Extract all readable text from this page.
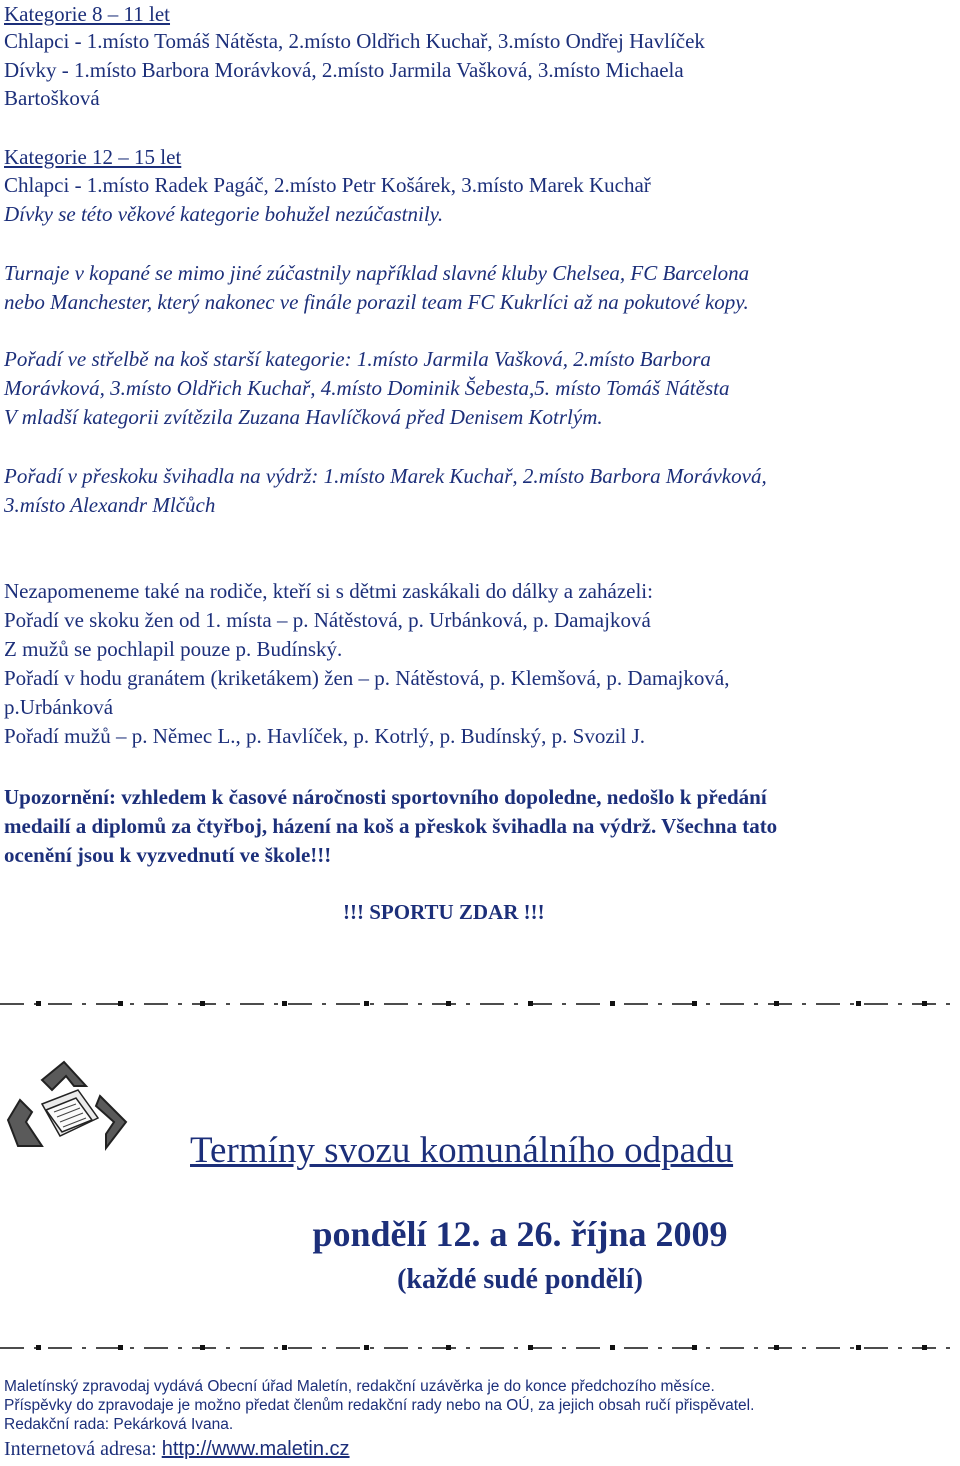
Kategorie 8 – 11 let
Chlapci - 1.místo Tomáš Nátěsta, 2.místo Oldřich Kuchař, 3.místo Ondřej Havlíček
Dívky - 1.místo Barbora Morávková, 2.místo Jarmila Vašková, 3.místo Michaela
Bartošková
Kategorie 12 – 15 let
Chlapci - 1.místo Radek Pagáč, 2.místo Petr Košárek, 3.místo Marek Kuchař
Dívky se této věkové kategorie bohužel nezúčastnily.
Turnaje v kopané se mimo jiné zúčastnily například slavné kluby Chelsea, FC Barcelona
nebo Manchester, který nakonec ve finále porazil team FC Kukrlíci až na pokutové kopy.
Pořadí ve střelbě na koš starší kategorie: 1.místo Jarmila Vašková, 2.místo Barbora
Morávková, 3.místo Oldřich Kuchař, 4.místo Dominik Šebesta,5. místo Tomáš Nátěsta
V mladší kategorii zvítězila Zuzana Havlíčková před Denisem Kotrlým.
Pořadí v přeskoku švihadla na výdrž: 1.místo Marek Kuchař, 2.místo Barbora Morávková,
3.místo Alexandr Mlčůch
Nezapomeneme také na rodiče, kteří si s dětmi zaskákali do dálky a zaházeli:
Pořadí ve skoku žen od 1. místa – p. Nátěstová, p. Urbánková, p. Damajková
Z mužů se pochlapil pouze p. Budínský.
Pořadí v hodu granátem (kriketákem) žen – p. Nátěstová, p. Klemšová, p. Damajková,
p.Urbánková
Pořadí mužů – p. Němec L., p. Havlíček, p. Kotrlý, p. Budínský, p. Svozil J.
Upozornění: vzhledem k časové náročnosti sportovního dopoledne, nedošlo k předání
medailí a diplomů za čtyřboj, házení na koš a přeskok švihadla na výdrž. Všechna tato
ocenění jsou k vyzvednutí ve škole!!!
!!! SPORTU ZDAR !!!
Termíny svozu komunálního odpadu
pondělí 12. a 26. října 2009
(každé sudé pondělí)
Maletínský zpravodaj vydává Obecní úřad Maletín, redakční uzávěrka je do konce předchozího měsíce.
Příspěvky do zpravodaje je možno předat členům redakční rady nebo na OÚ, za jejich obsah ručí přispěvatel.
Redakční rada: Pekárková Ivana.
Internetová adresa: http://www.maletin.cz
